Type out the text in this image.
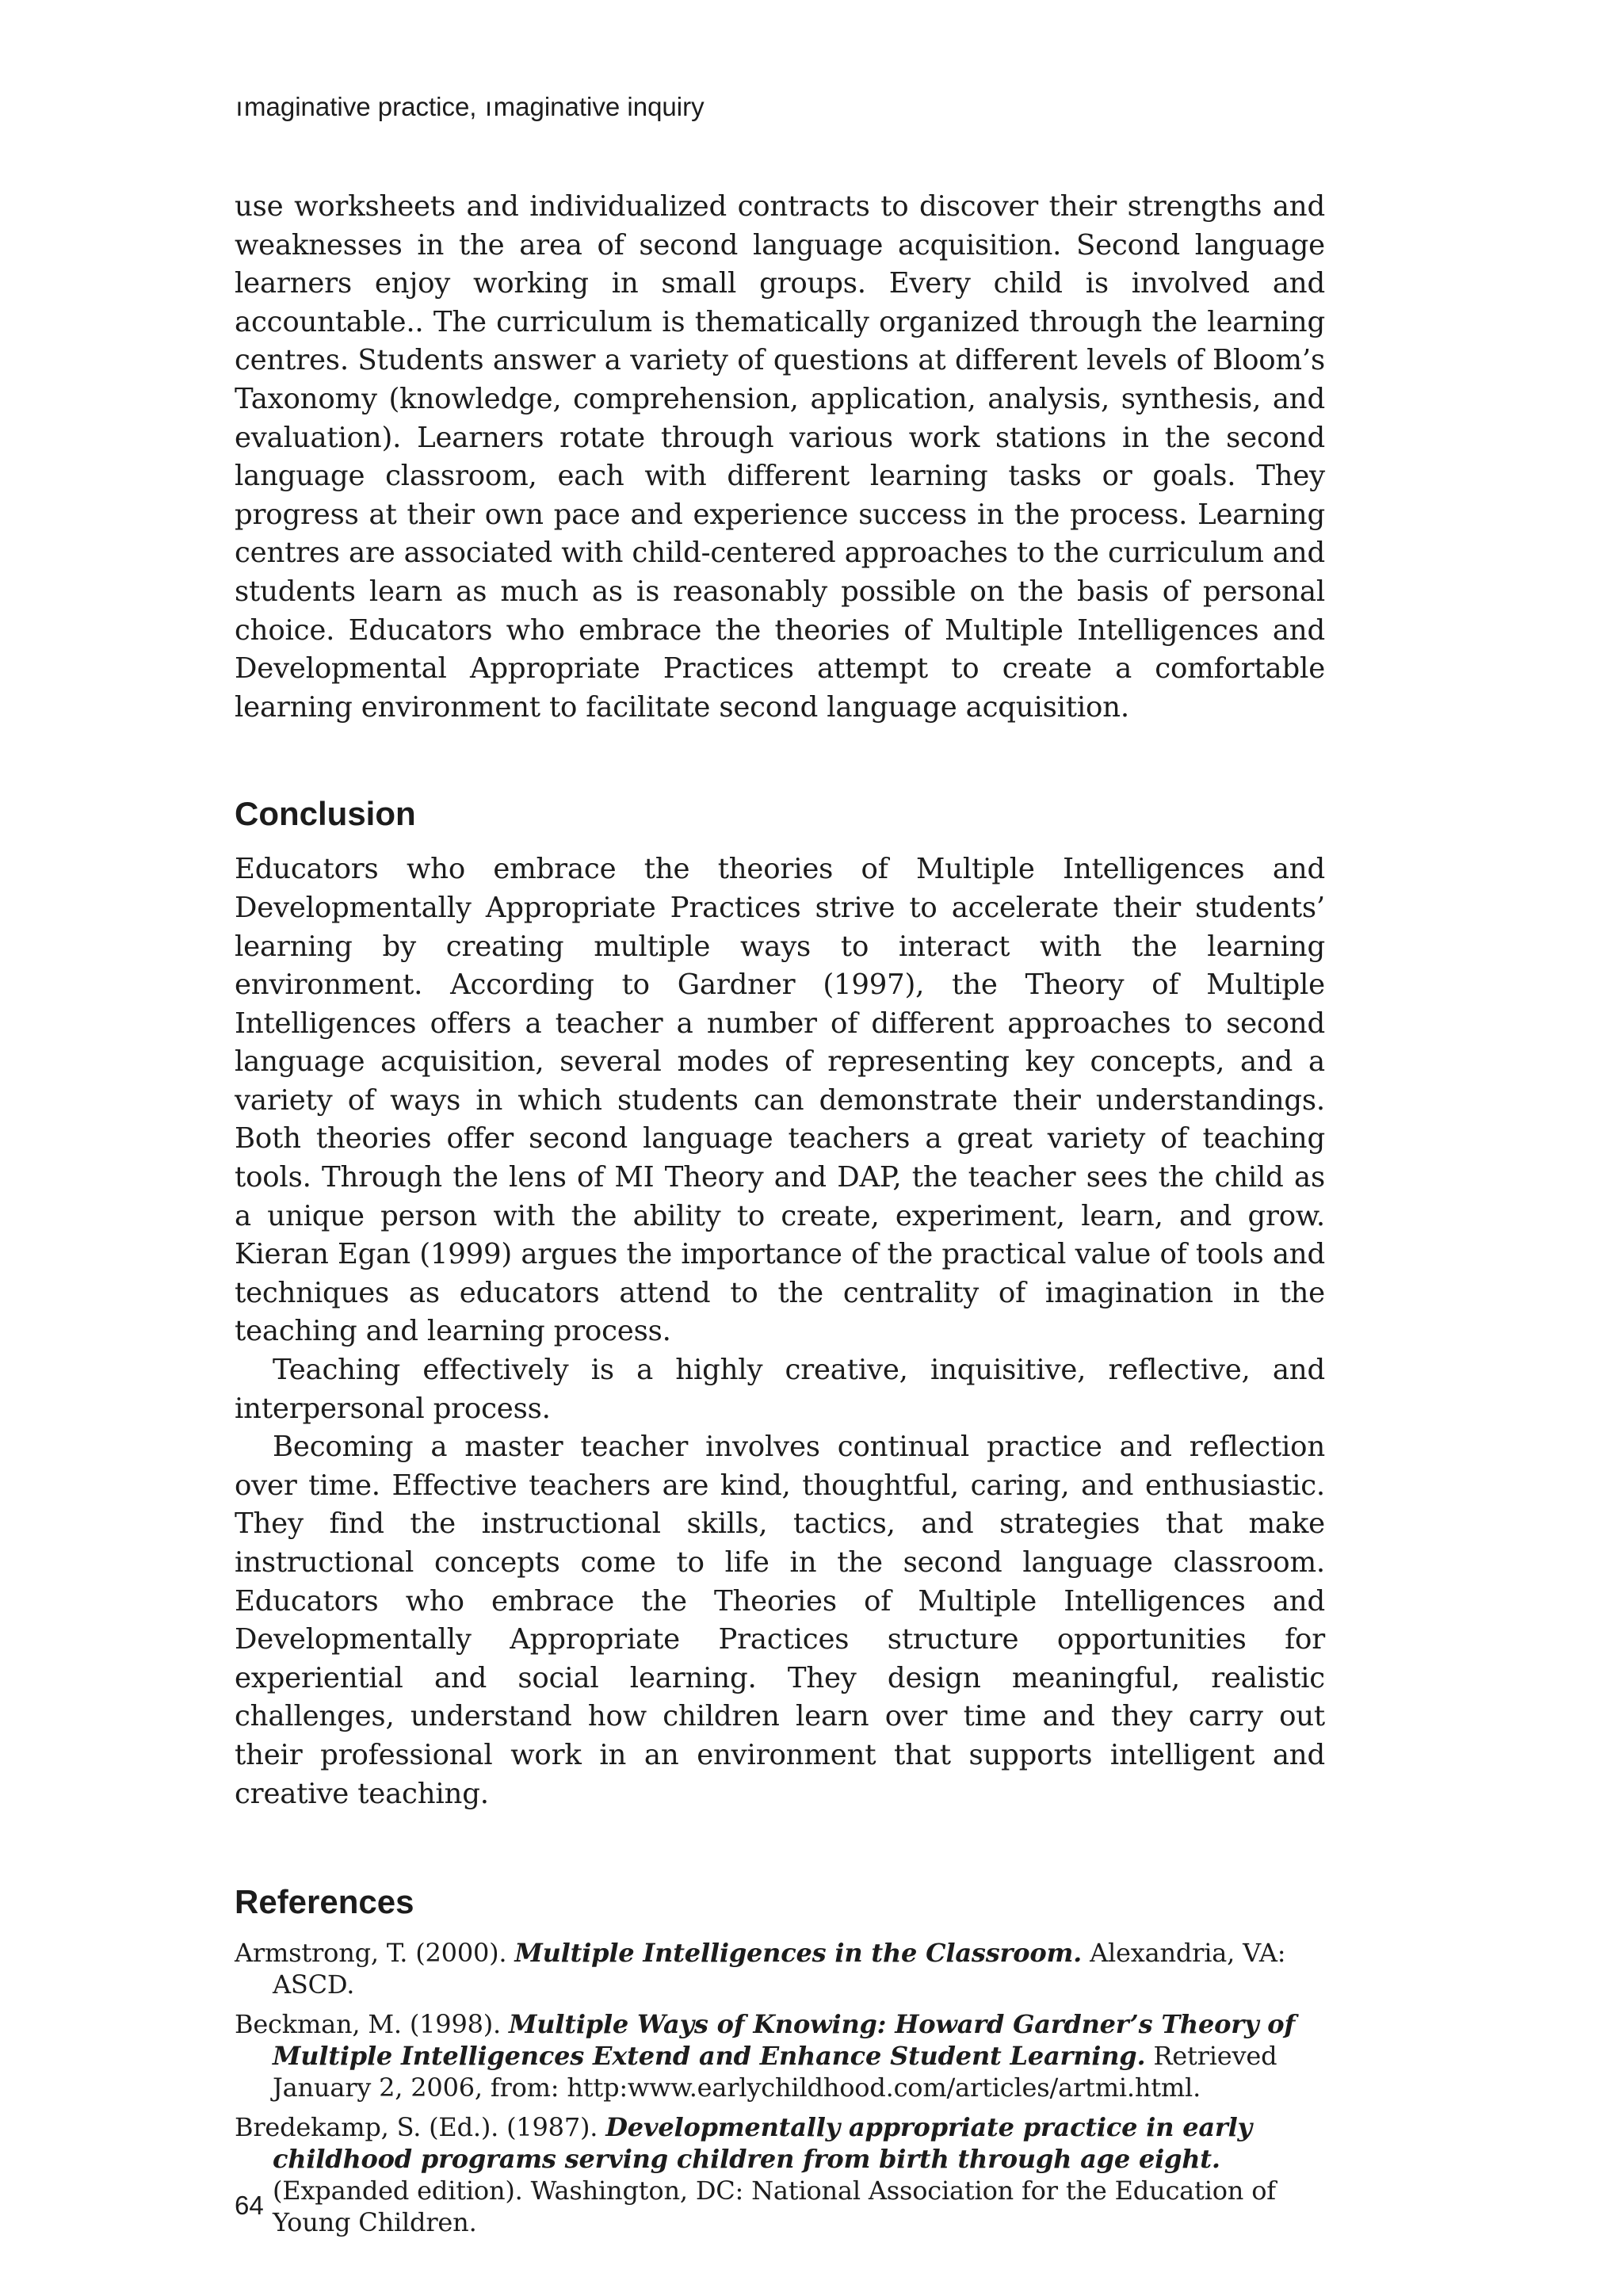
ımaginative practice, ımaginative inquiry

use worksheets and individualized contracts to discover their strengths and weaknesses in the area of second language acquisition. Second language learners enjoy working in small groups. Every child is involved and accountable.. The curriculum is thematically organized through the learning centres. Students answer a variety of questions at different levels of Bloom’s Taxonomy (knowledge, comprehension, application, analysis, synthesis, and evaluation). Learners rotate through various work stations in the second language classroom, each with different learning tasks or goals. They progress at their own pace and experience success in the process. Learning centres are associated with child-centered approaches to the curriculum and students learn as much as is reasonably possible on the basis of personal choice. Educators who embrace the theories of Multiple Intelligences and Developmental Appropriate Practices attempt to create a comfortable learning environment to facilitate second language acquisition.

Conclusion

Educators who embrace the theories of Multiple Intelligences and Developmentally Appropriate Practices strive to accelerate their students’ learning by creating multiple ways to interact with the learning environment. According to Gardner (1997), the Theory of Multiple Intelligences offers a teacher a number of different approaches to second language acquisition, several modes of representing key concepts, and a variety of ways in which students can demonstrate their understandings. Both theories offer second language teachers a great variety of teaching tools. Through the lens of MI Theory and DAP, the teacher sees the child as a unique person with the ability to create, experiment, learn, and grow. Kieran Egan (1999) argues the importance of the practical value of tools and techniques as educators attend to the centrality of imagination in the teaching and learning process.

Teaching effectively is a highly creative, inquisitive, reflective, and interpersonal process.

Becoming a master teacher involves continual practice and reflection over time. Effective teachers are kind, thoughtful, caring, and enthusiastic. They find the instructional skills, tactics, and strategies that make instructional concepts come to life in the second language classroom. Educators who embrace the Theories of Multiple Intelligences and Developmentally Appropriate Practices structure opportunities for experiential and social learning. They design meaningful, realistic challenges, understand how children learn over time and they carry out their professional work in an environment that supports intelligent and creative teaching.

References

Armstrong, T. (2000). Multiple Intelligences in the Classroom. Alexandria, VA: ASCD.

Beckman, M. (1998). Multiple Ways of Knowing: Howard Gardner’s Theory of Multiple Intelligences Extend and Enhance Student Learning. Retrieved January 2, 2006, from: http:www.earlychildhood.com/articles/artmi.html.

Bredekamp, S. (Ed.). (1987). Developmentally appropriate practice in early childhood programs serving children from birth through age eight. (Expanded edition). Washington, DC: National Association for the Education of Young Children.

64
